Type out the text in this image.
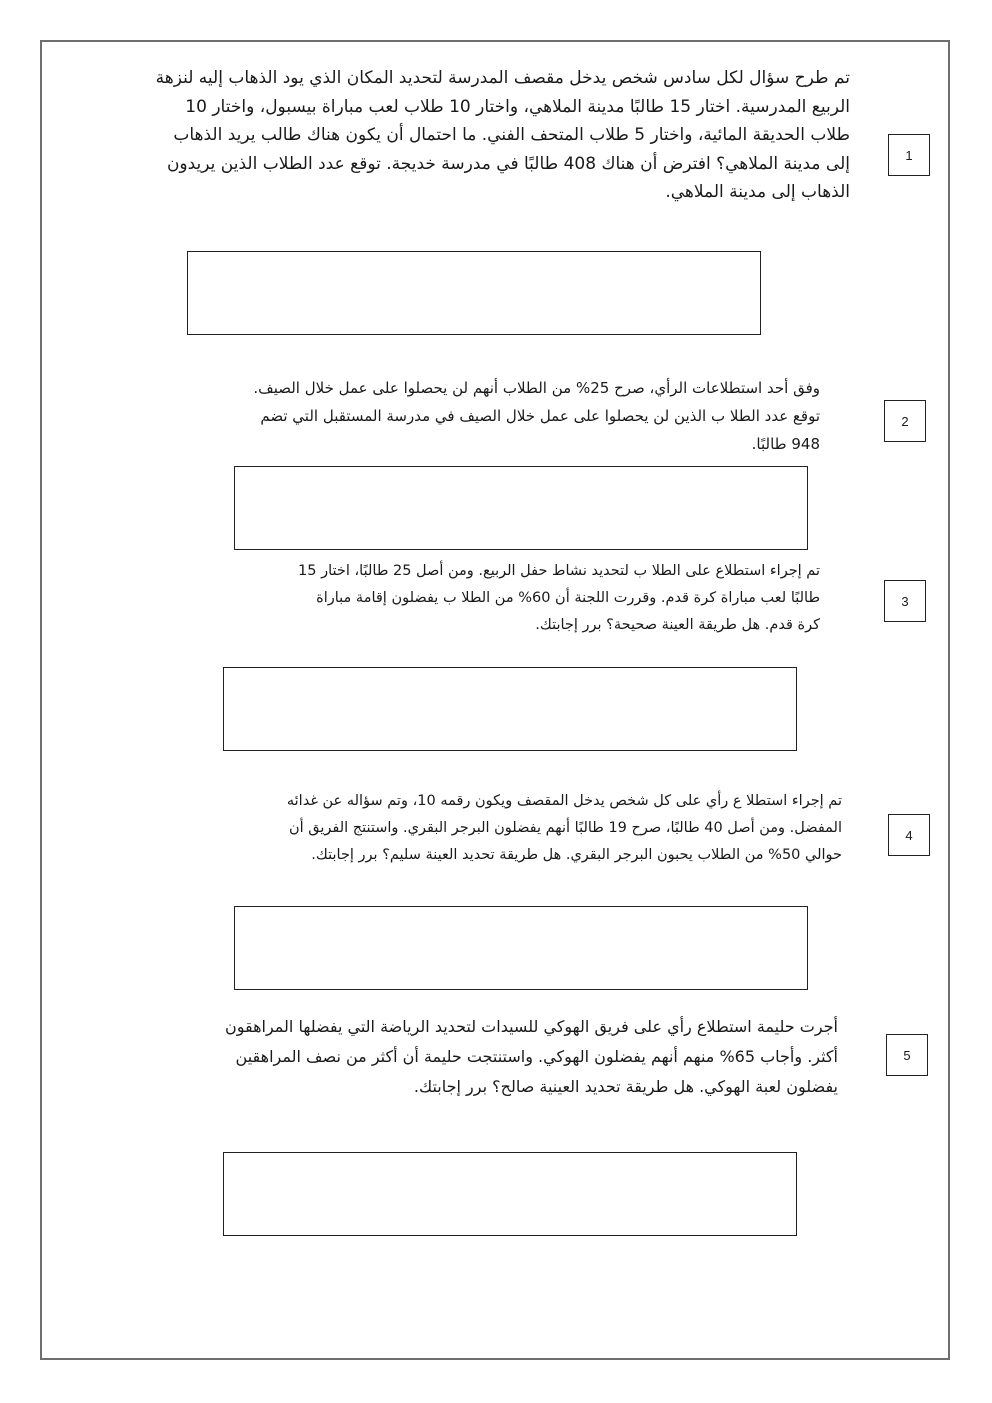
تم طرح سؤال لكل سادس شخص يدخل مقصف المدرسة لتحديد المكان الذي يود الذهاب إليه لنزهة الربيع المدرسية. اختار 15 طالبًا مدينة الملاهي، واختار 10 طلاب لعب مباراة بيسبول، واختار 10 طلاب الحديقة المائية، واختار 5 طلاب المتحف الفني. ما احتمال أن يكون هناك طالب يريد الذهاب إلى مدينة الملاهي؟ افترض أن هناك 408 طالبًا في مدرسة خديجة. توقع عدد الطلاب الذين يريدون الذهاب إلى مدينة الملاهي.

1

وفق أحد استطلاعات الرأي، صرح 25% من الطلاب أنهم لن يحصلوا على عمل خلال الصيف. توقع عدد الطلا ب الذين لن يحصلوا على عمل خلال الصيف في مدرسة المستقبل التي تضم 948 طالبًا.

2

تم إجراء استطلاع على الطلا ب لتحديد نشاط حفل الربيع. ومن أصل 25 طالبًا، اختار 15 طالبًا لعب مباراة كرة قدم. وقررت اللجنة أن 60% من الطلا ب يفضلون إقامة مباراة كرة قدم. هل طريقة العينة صحيحة؟ برر إجابتك.

3

تم إجراء استطلا ع رأي على كل شخص يدخل المقصف ويكون رقمه 10، وتم سؤاله عن غدائه المفضل. ومن أصل 40 طالبًا، صرح 19 طالبًا أنهم يفضلون البرجر البقري. واستنتج الفريق أن حوالي 50% من الطلاب يحبون البرجر البقري. هل طريقة تحديد العينة سليم؟ برر إجابتك.

4

أجرت حليمة استطلاع رأي على فريق الهوكي للسيدات لتحديد الرياضة التي يفضلها المراهقون أكثر. وأجاب 65% منهم أنهم يفضلون الهوكي. واستنتجت حليمة أن أكثر من نصف المراهقين يفضلون لعبة الهوكي. هل طريقة تحديد العينية صالح؟ برر إجابتك.

5
